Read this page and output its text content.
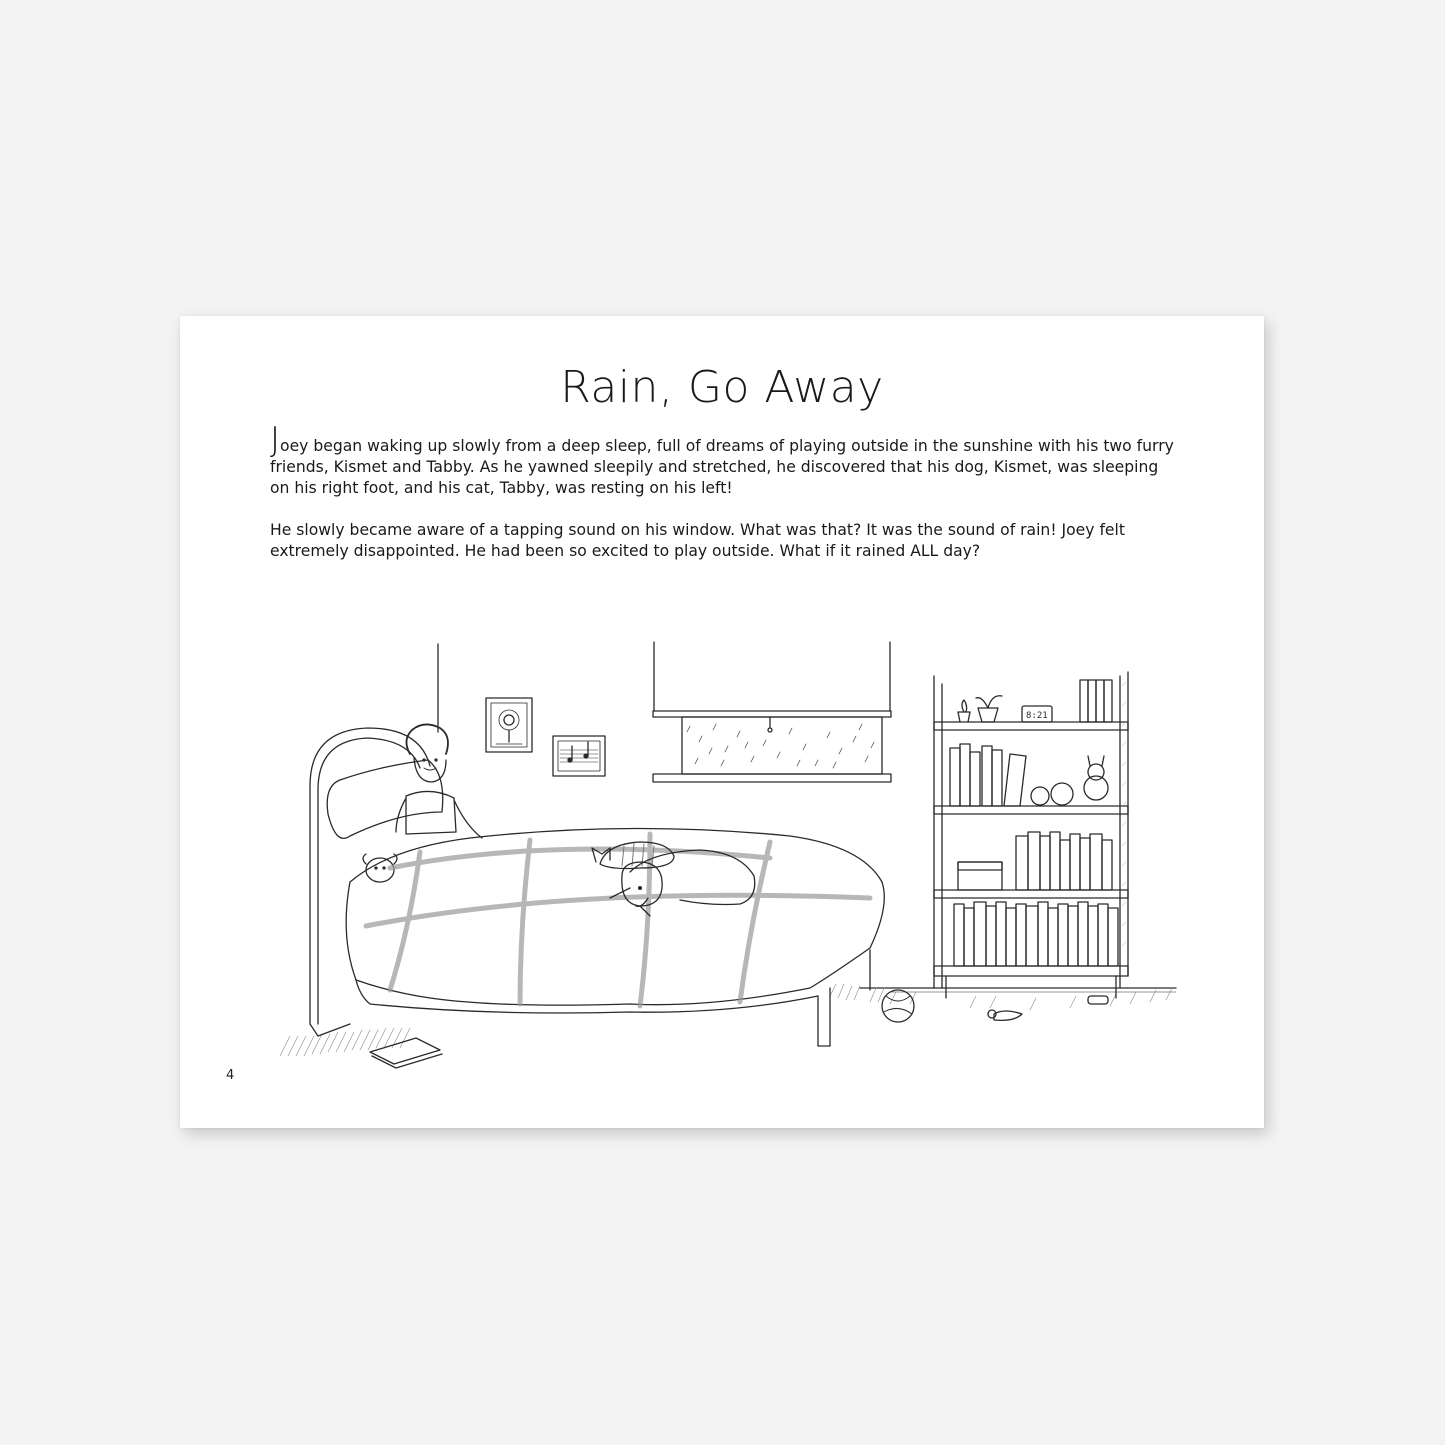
Rain, Go Away

Joey began waking up slowly from a deep sleep, full of dreams of playing outside in the sunshine with his two furry friends, Kismet and Tabby. As he yawned sleepily and stretched, he discovered that his dog, Kismet, was sleeping on his right foot, and his cat, Tabby, was resting on his left!

He slowly became aware of a tapping sound on his window. What was that? It was the sound of rain! Joey felt extremely disappointed. He had been so excited to play outside. What if it rained ALL day?

8:21
4
